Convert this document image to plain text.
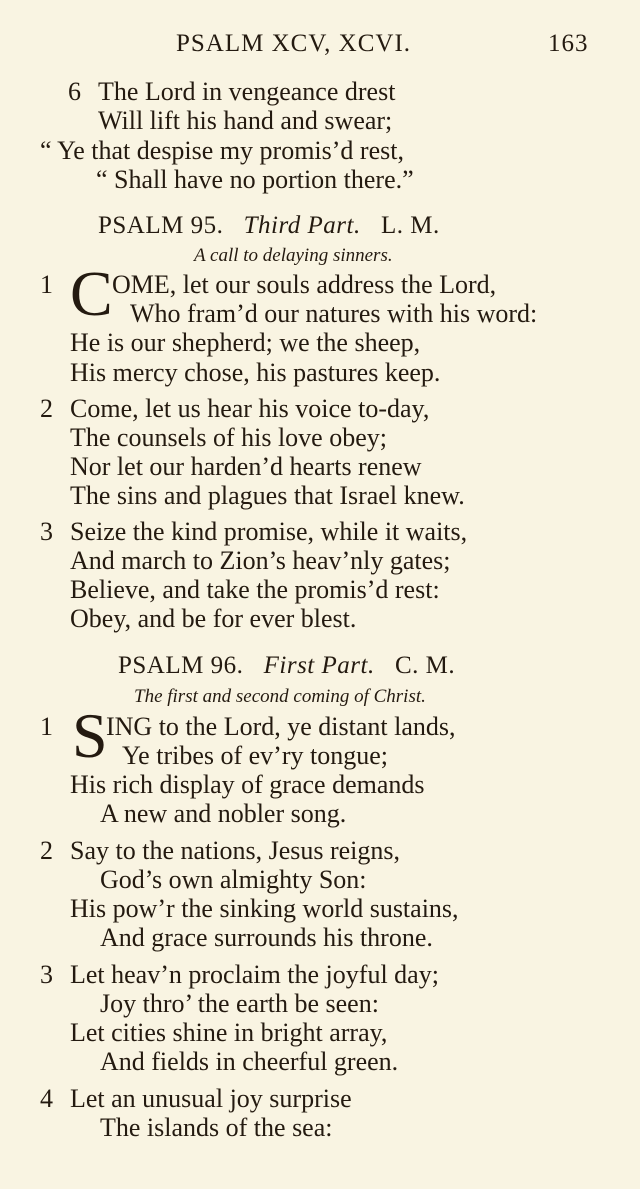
PSALM XCV, XCVI.	163
6 The Lord in vengeance drest
Will lift his hand and swear;
“ Ye that despise my promis’d rest,
“ Shall have no portion there.”
PSALM 95. Third Part. L. M.
A call to delaying sinners.
1 C OME, let our souls address the Lord,
Who fram’d our natures with his word:
He is our shepherd; we the sheep,
His mercy chose, his pastures keep.
2 Come, let us hear his voice to-day,
The counsels of his love obey;
Nor let our harden’d hearts renew
The sins and plagues that Israel knew.
3 Seize the kind promise, while it waits,
And march to Zion’s heav’nly gates;
Believe, and take the promis’d rest:
Obey, and be for ever blest.
PSALM 96. First Part. C. M.
The first and second coming of Christ.
1 S
ING to the Lord, ye distant lands,
Ye tribes of ev’ry tongue;
His rich display of grace demands
A new and nobler song.
2 Say to the nations, Jesus reigns,
God’s own almighty Son:
His pow’r the sinking world sustains,
And grace surrounds his throne.
3 Let heav’n proclaim the joyful day;
Joy thro’ the earth be seen:
Let cities shine in bright array,
And fields in cheerful green.
4 Let an unusual joy surprise
The islands of the sea:
